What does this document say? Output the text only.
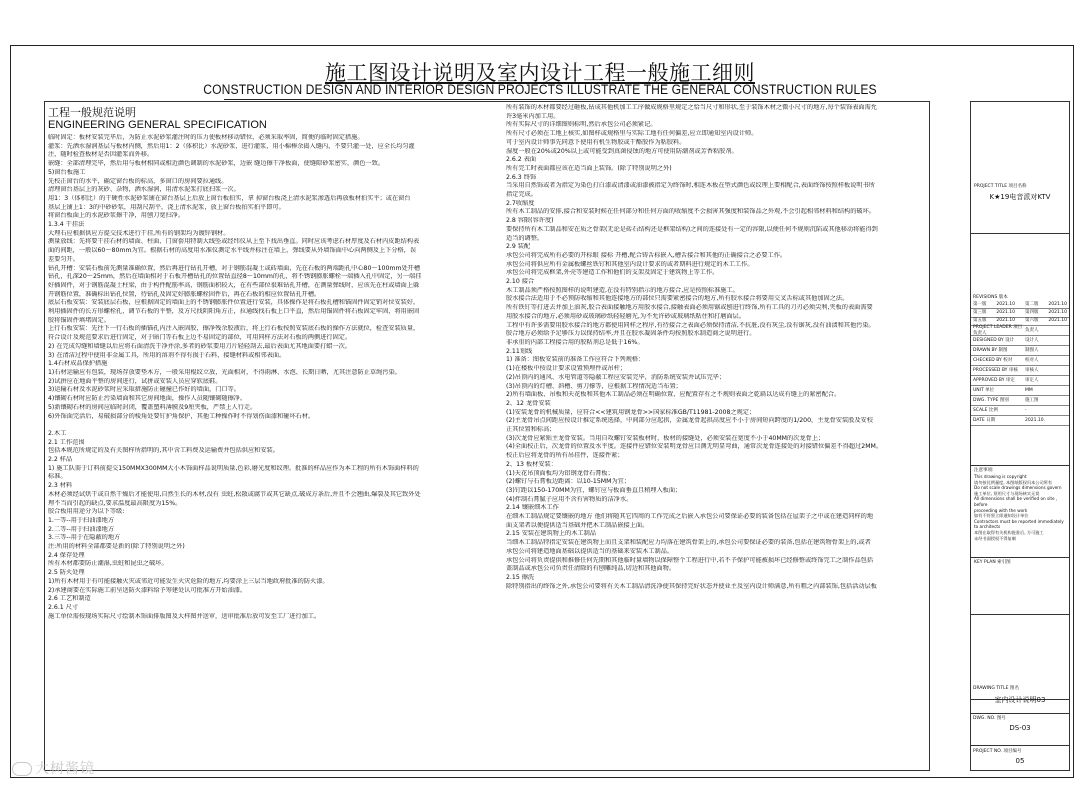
施工图设计说明及室内设计工程一般施工细则
CONSTRUCTION DESIGN AND INTERIOR DESIGN PROJECTS ILLUSTRATE THE GENERAL CONSTRUCTION RULES
工程一般规范说明
ENGINEERING GENERAL SPECIFICATION
临时固定：板材安装完毕后，为防止水泥砂浆灌注时的压力使板材移动错位，必须采取率固，简便的临时固定措施。
灌浆：先洒水湿润基层与板材内侧，然后用1：2（体积比）水泥砂浆，进行灌浆，用小棉棒余捣入缝内，不要只灌一处，应全长均匀灌
注，随时检查板材是否因灌浆而外移。
嵌缝：全部清理完毕，然后用与板材相同或相近颜色调制的水泥砂浆，边嵌 缝边擦干净板面，使缝隙砂浆密实，颜色一致。
5)窗台板施工
先校正窗台的水平，确定窗台板的标高，多窗口的房间要拉通线。
清理窗台基层上的灰砂、杂物，洒水湿润，用清水泥浆打底扫浆一次。
用1：3（体积比）的干硬性水泥砂浆铺在窗台基层上后放上窗台板拍实，拿 掉窗台板浇上清水泥浆渗透后再放板材拍实平；或在窗台
基层上铺上1：3的中砂砂浆，用刮尺刮平，浇上清水泥浆，放上窗台板拍实拍平即可。
将窗台板面上的水泥砂浆擦干净，用刨刀宽扫净。
1.3.4 干挂法
大理石应根据供应方提交技术进行干挂,所有的钢架均为镀锌钢材。
测量放线：先将要干挂石材的墙面、柱面、门窗套用特制大线坠或经纬仪从上至下找出垂直。同时应该考虑石材厚度及石材内皮距结构表
面的间距，一般以60～80mm为宜。根据石材的高度用水准仪测定水平线并标注在墙上，弹线要从外墙饰面中心向两侧及上下分格，误
差要匀开。
钻孔开槽：安装石板前先测量准确位置，然后再进行钻孔开槽，对于钢筋混凝土或砖墙面，先在石板的两端距孔中心80～100mm处开槽
钻孔，孔深20～25mm，然后在墙面相对于石板开槽钻孔的位置钻直径8～10mm的孔，将不锈钢膨胀螺栓一端插入孔中固定，另一端挂
好插固件，对于钢筋混凝土柱梁，由于构件配筋率高，钢筋面积较大，在有些部位很难钻孔开槽，在测量弹线时，应该先在柱或墙面上躲
开钢筋位置，准确标出钻孔位置，待钻孔及固定好膨胀螺栓固件后，再在石板的相应位置钻孔开槽。
底层石板安装：安装底层石板，应根据固定的墙面上的不锈钢膨胀件位置进行安装，具体操作是将石板孔槽和锚固件固定销对位安装好，
利用插固件的长方形螺栓孔，调节石板的平整，及方尺找阴阳角方正，拉通线找石板上口平直，然后用锚固件将石板固定牢固，将用嵌固
胶将锚固件填堵固定。
上行石板安装：先往下一行石板的插锚孔内注入嵌固胶，擦净残余胶液后，将上行石板按照安装底石板的操作方法就位，检查安装质量，
符合设计及规范要求后进行固定，对于暗门等石板上边不易固定的部位，可用同样方法对石板的两侧进行固定。
2) 在完成勾缝和墙缝以后应将石面清洗干净并涂,多者的砂浆要用刀片轻轻刮去,最后表面尤其地面要打蜡一次。
3) 在清洁过程中使用非金属工具，所用的溶剂不得有损于石料，接缝材料或相邻表面。
1.4石材成品保护措施
1)石材运输应有包装，现场存放要垫木方，一般采用棍纹立放，光面相对，不得雨淋、水泡、长期日晒，尤其注意防止草绳污染。
2)试拼应在地面平整的房间进行，试拼或安装人员应穿软底鞋。
3)运输石材及水泥砂浆时应采取措施防止碰撞已作好的墙面，门口等。
4)镶砌石材时应防止污染墙面和其它房间地面，操作人员随镶砌随擦净。
5)新镶砌石材的房间应临时封闭，覆盖塑料薄膜及9厘夹板，严禁上人行走。
6)外饰面完活后，易破损部分的棱角处要钉护角保护，其他工种操作时不得划伤面漆和碰坏石材。
2.木工
2.1 工作范围
包括本规范所规定的及有关图样所指明的,其中含工料费及运输费并包括供应和安装。
2.2 样品
1) 施工队需于订料前提交150MMX300MM大小木饰面样品说明质量,色彩,磨光度和纹理。批准的样品应作为本工程的所有木饰面样料的
标准。
2.3 材料
木材必须经试烘干或自然干燥后才能使用,自然生长的木材,没有 虫蛀,松散或腐节或其它缺点,破成方条后,并且不会翘曲,爆裂及其它致外处
理不当而引起的缺点,要求温度最高限度为15%。
胶合板用用途分为以下等级:
1.一等--用于扫油漆地方
2.二等--用于扫油漆地方
3.三等--用于在隐蔽的地方
注:所用的材料全部都要是新的(除了特别说明之外)
2.4 保存处理
所有木材都要防止潮湿,虫蛀和昆虫之破坏。
2.5 防火处理
1)所有木材用于有可能接触火灾或邻近可能发生火灾危险的地方,均要涂上三层当地政府批准的防火漆。
2)承建商要在实际施工前呈送防火漆料给予筹建处认可批准方开始油漆。
2.6 工艺和制造
2.6.1 尺寸
施工单位需按现场实际尺寸绘制木饰面排版图及大样图并送审，送审批准后放可发至工厂进行加工。
所有装饰的木材都要经过砸板,钻成其他机加工工序做成规格里规定之恰当尺寸和形状,至于装饰木材之微小尺寸的地方,每个装饰表面需允
许3毫米内加工用。
所有实际尺寸的详细图则标明,然后承包公司必须紧记。
所有尺寸必须在工地上核实,如图样或规格里与实际工地有任何偏差,应立即通知室内设计师。
可于室内设计师事先同意下使用有机生物胶或干酪胶作为粘胶料。
湿度一般在20%或20%以上或可能受到真菌侵蚀的地方可使用防潮剂或芳香粘胶剂。
2.6.2 表面
所有完工时表面都应该在适当面上装饰。(除了特别说明之外)
2.6.3 终饰
当采用自然饰或者为指定为染色打白漆或清漆或油漆被指定为终饰时,相连木板在型式颜色或纹理上要相配合,表面终饰按照样板说明书所
指定完成。
2.7收缩度
所有木工制品的安排,接合和安装时候在任何部分和任何方面的收缩度不会损害其强度和装饰品之外观,不会引起相邻材料和结构的破坏。
2.8 容限(容许度)
要保持所有木工制品和安在质之骨架(无论是砖石结构还是框架结构)之间的连接处有一定的容限,以便任何不规则沉陷或其他移动将能得到
适当的调整。
2.9 装配
承包公司将完成所有必要的开标眼 接标 开槽,配合铸舌标嵌入,槽舌接合和其他的正确接合之必要工作。
承包公司将供应所有金属板螺丝铁钉和其他室内设计要求的或者期料进行规定的木工工作。
承包公司将完成框架,外壳等建造工作和他们的支架及固定于建筑物上等工作。
2.10 接合
木工制品须严格按照图样的说明建造,在没有特别指示的地方接合,应是按照标准施工。
胶水接合法适用于不必预防收缩和其他连接地方的部位只需要紧密接合的地方,所有胶水接合将要用交叉舌标或其他加固之法。
所有铁钉等打进去并加上油灰,胶合表面接触地方用胶水接合,接触表面必须用锯或刨进行终饰,所有工具的刀刃必须尖利,夹板的表面需要
用胶水接合的地方,必须用砂或玻璃砂纸轻轻磨光,为不允许砂或玻璃纸粘住和打磨面层。
工程中有许多需要用胶水接合的地方都使用同样之程序,有待接合之表面必须保持清洁,不抗脏,没有灰尘,没有锯灰,没有油渍和其他污染。
胶合地方必须给予足够压力以保持结率,并且在胶水凝固条件均按照胶水制造商之说明进行。
非承重的内部工程接合用的胶粘剂总是低于16%。
2.11划线
1) 准备：图板安装前的准备工作应符合下列规格：
(1)在楼板中按设计要求设置预埋件或吊杆；
(2)吊顶内的通风、水电管道等隐蔽工程应安装完毕，消防系统安装并试压完毕；
(3)吊顶内的灯槽、斜槽、剪刀撑等，应根据工程情况适当布置；
2)所有墙面板、吊板和天花板和其他木工制品必须在明确位置，应配置存有之不规则表面之乾扁以达成有缝上的紧密配合。
2、12 龙骨安装
(1)安装龙骨的机械质量，应符合<<建筑用钢龙骨>>国家标准GB/T11981-2008之规定；
(2)主龙骨吊点间距应按设计推定系统选择，中间部分应起拱，金属龙骨起拱高度应不小于房间短向跨度的1/200，主龙骨安装股及安校
正其位置和标高；
(3)次龙骨应紧贴主龙骨安装。当用自攻螺钉安装板材时，板材的接缝处，必须安装在宽度不小于40MM的次龙骨上；
(4)全面校正后，次龙骨的位置及水平度。连接件应错位安装明龙骨应目测无明显弯曲，通常次龙骨连接处的对接错位偏差不得超过2MM。
校正后应将龙骨的所有吊挂件，连接件紧；
2、13 板材安装：
(1)天花吊顶面板均为铝钢龙骨石膏板；
(2)螺钉与石膏板边距离：以10-15MM为宜；
(3)钉距以150-170MM为宜，螺钉应与板面垂直且稍埋入板面；
(4)拌制石膏腻子应用不含有害物质的洁净水。
2.14 镶嵌细木工作
在细木工制品规定要镶嵌的地方 他们将随其它四周的工作完成之后嵌入承包公司要保证必要的装备包括在屋架子之中或在建造同样的地
面支架者以便提供适当基础并把木工制品嵌接上面。
2.15 安装在建筑物上的木工制品
当细木工制品特指定安装在建筑物上而且支架和装配应力均落在建筑骨架上的,承包公司要保证必要的装备,包括在建筑物骨架上的,或者
承包公司将建造地面基础以提供适当的基础来安装木工制品。
承包公司将负责提供和推修任何先期和其他临时量墙物以保障整个工程进行中,若不予保护可能被损坏已经修整或终饰完工之制作品包括
盖制品或承包公司负责任清除的有刨雕纯品,切边和其他面物。
2.15 擦洗
除特别指出的终饰之外,承包公司要将有关木工制品清洗净使其保持完好状态并使业主及室内设计师满意,所有粗之内部装饰,包括活动层板
PROJECT TITLE 项目名称
K★19电音派对KTV
REVISIONS 版本
第一版 2021.10 第二版 2021.10
第三版 2021.10 第四版 2021.10
第五版 2021.10 第六版 2021.10
PROJECT LEADER 项目负责人
负责人
DESIGNED BY 设计	设计人
DRAWN BY 制图	制图人
CHECKED BY 校对	校对人
PROCESSED BY 审核	审核人
APPROVED BY 审定	审定人
UNIT 单位	MM
DWG. TYPE 图别	施工图
SCALE 比例	-
DATE 日期	2021.10.
注意事项:
This drawing is copyright
请勿按比例量度, 本图纸版权归本公司所有
Do not scale drawings dimensions govern
施工单位, 须用尺寸与现场核实无误
All dimensions shall be verified on site , before
proceeding with the work
如有不符须立即通知设计单位
Contractors must be reported immediately
to architects
本图在取得有关机构批准后, 方可施工
未经书面授权不得复制
KEY PLAN 索引图
DRAWING TITLE 图名
室内设计说明03
DWG. NO. 图号
DS-03
PROJECT NO. 项目编号
05
大树酱镜
